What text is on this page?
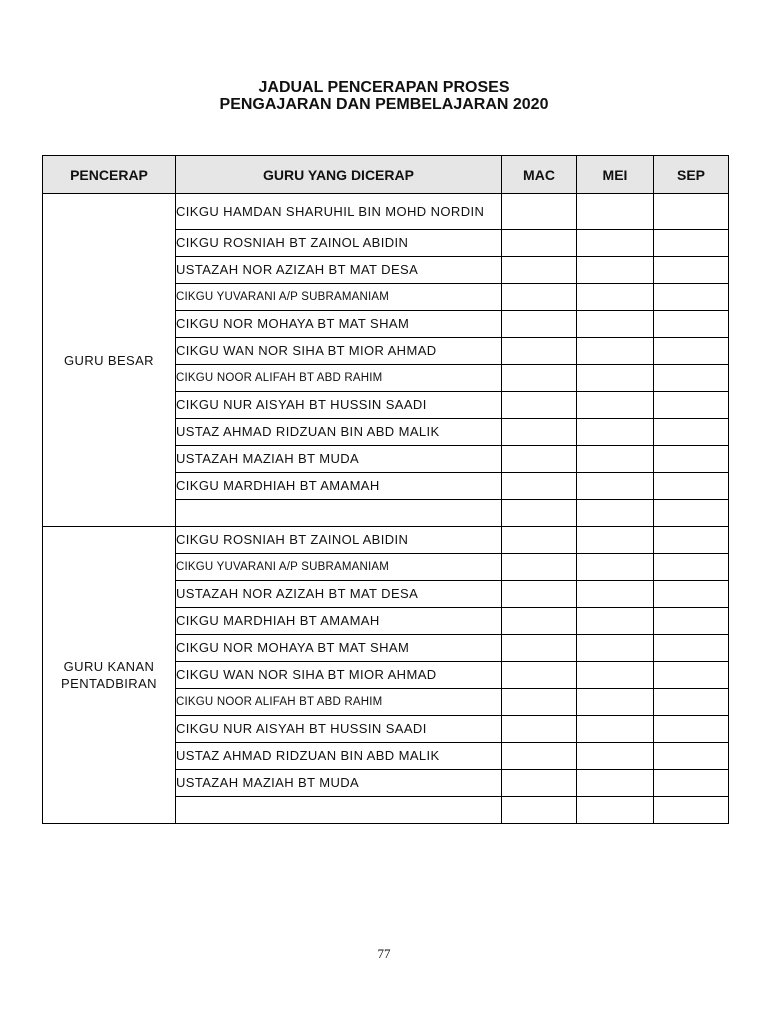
JADUAL PENCERAPAN PROSES
PENGAJARAN DAN PEMBELAJARAN 2020
PENCERAP	GURU YANG DICERAP	MAC	MEI	SEP

GURU BESAR	CIKGU HAMDAN SHARUHIL BIN MOHD NORDIN			
	CIKGU ROSNIAH BT ZAINOL ABIDIN			
	USTAZAH NOR AZIZAH BT MAT DESA			
	CIKGU YUVARANI A/P SUBRAMANIAM			
	CIKGU NOR MOHAYA BT MAT SHAM			
	CIKGU WAN NOR SIHA BT MIOR AHMAD			
	CIKGU NOOR ALIFAH BT ABD RAHIM			
	CIKGU NUR AISYAH BT HUSSIN SAADI			
	USTAZ AHMAD RIDZUAN BIN ABD MALIK			
	USTAZAH MAZIAH BT MUDA			
	CIKGU MARDHIAH BT AMAMAH			

GURU KANAN
PENTADBIRAN	CIKGU ROSNIAH BT ZAINOL ABIDIN			
	CIKGU YUVARANI A/P SUBRAMANIAM			
	USTAZAH NOR AZIZAH BT MAT DESA			
	CIKGU MARDHIAH BT AMAMAH			
	CIKGU NOR MOHAYA BT MAT SHAM			
	CIKGU WAN NOR SIHA BT MIOR AHMAD			
	CIKGU NOOR ALIFAH BT ABD RAHIM			
	CIKGU NUR AISYAH BT HUSSIN SAADI			
	USTAZ AHMAD RIDZUAN BIN ABD MALIK			
	USTAZAH MAZIAH BT MUDA			

77
